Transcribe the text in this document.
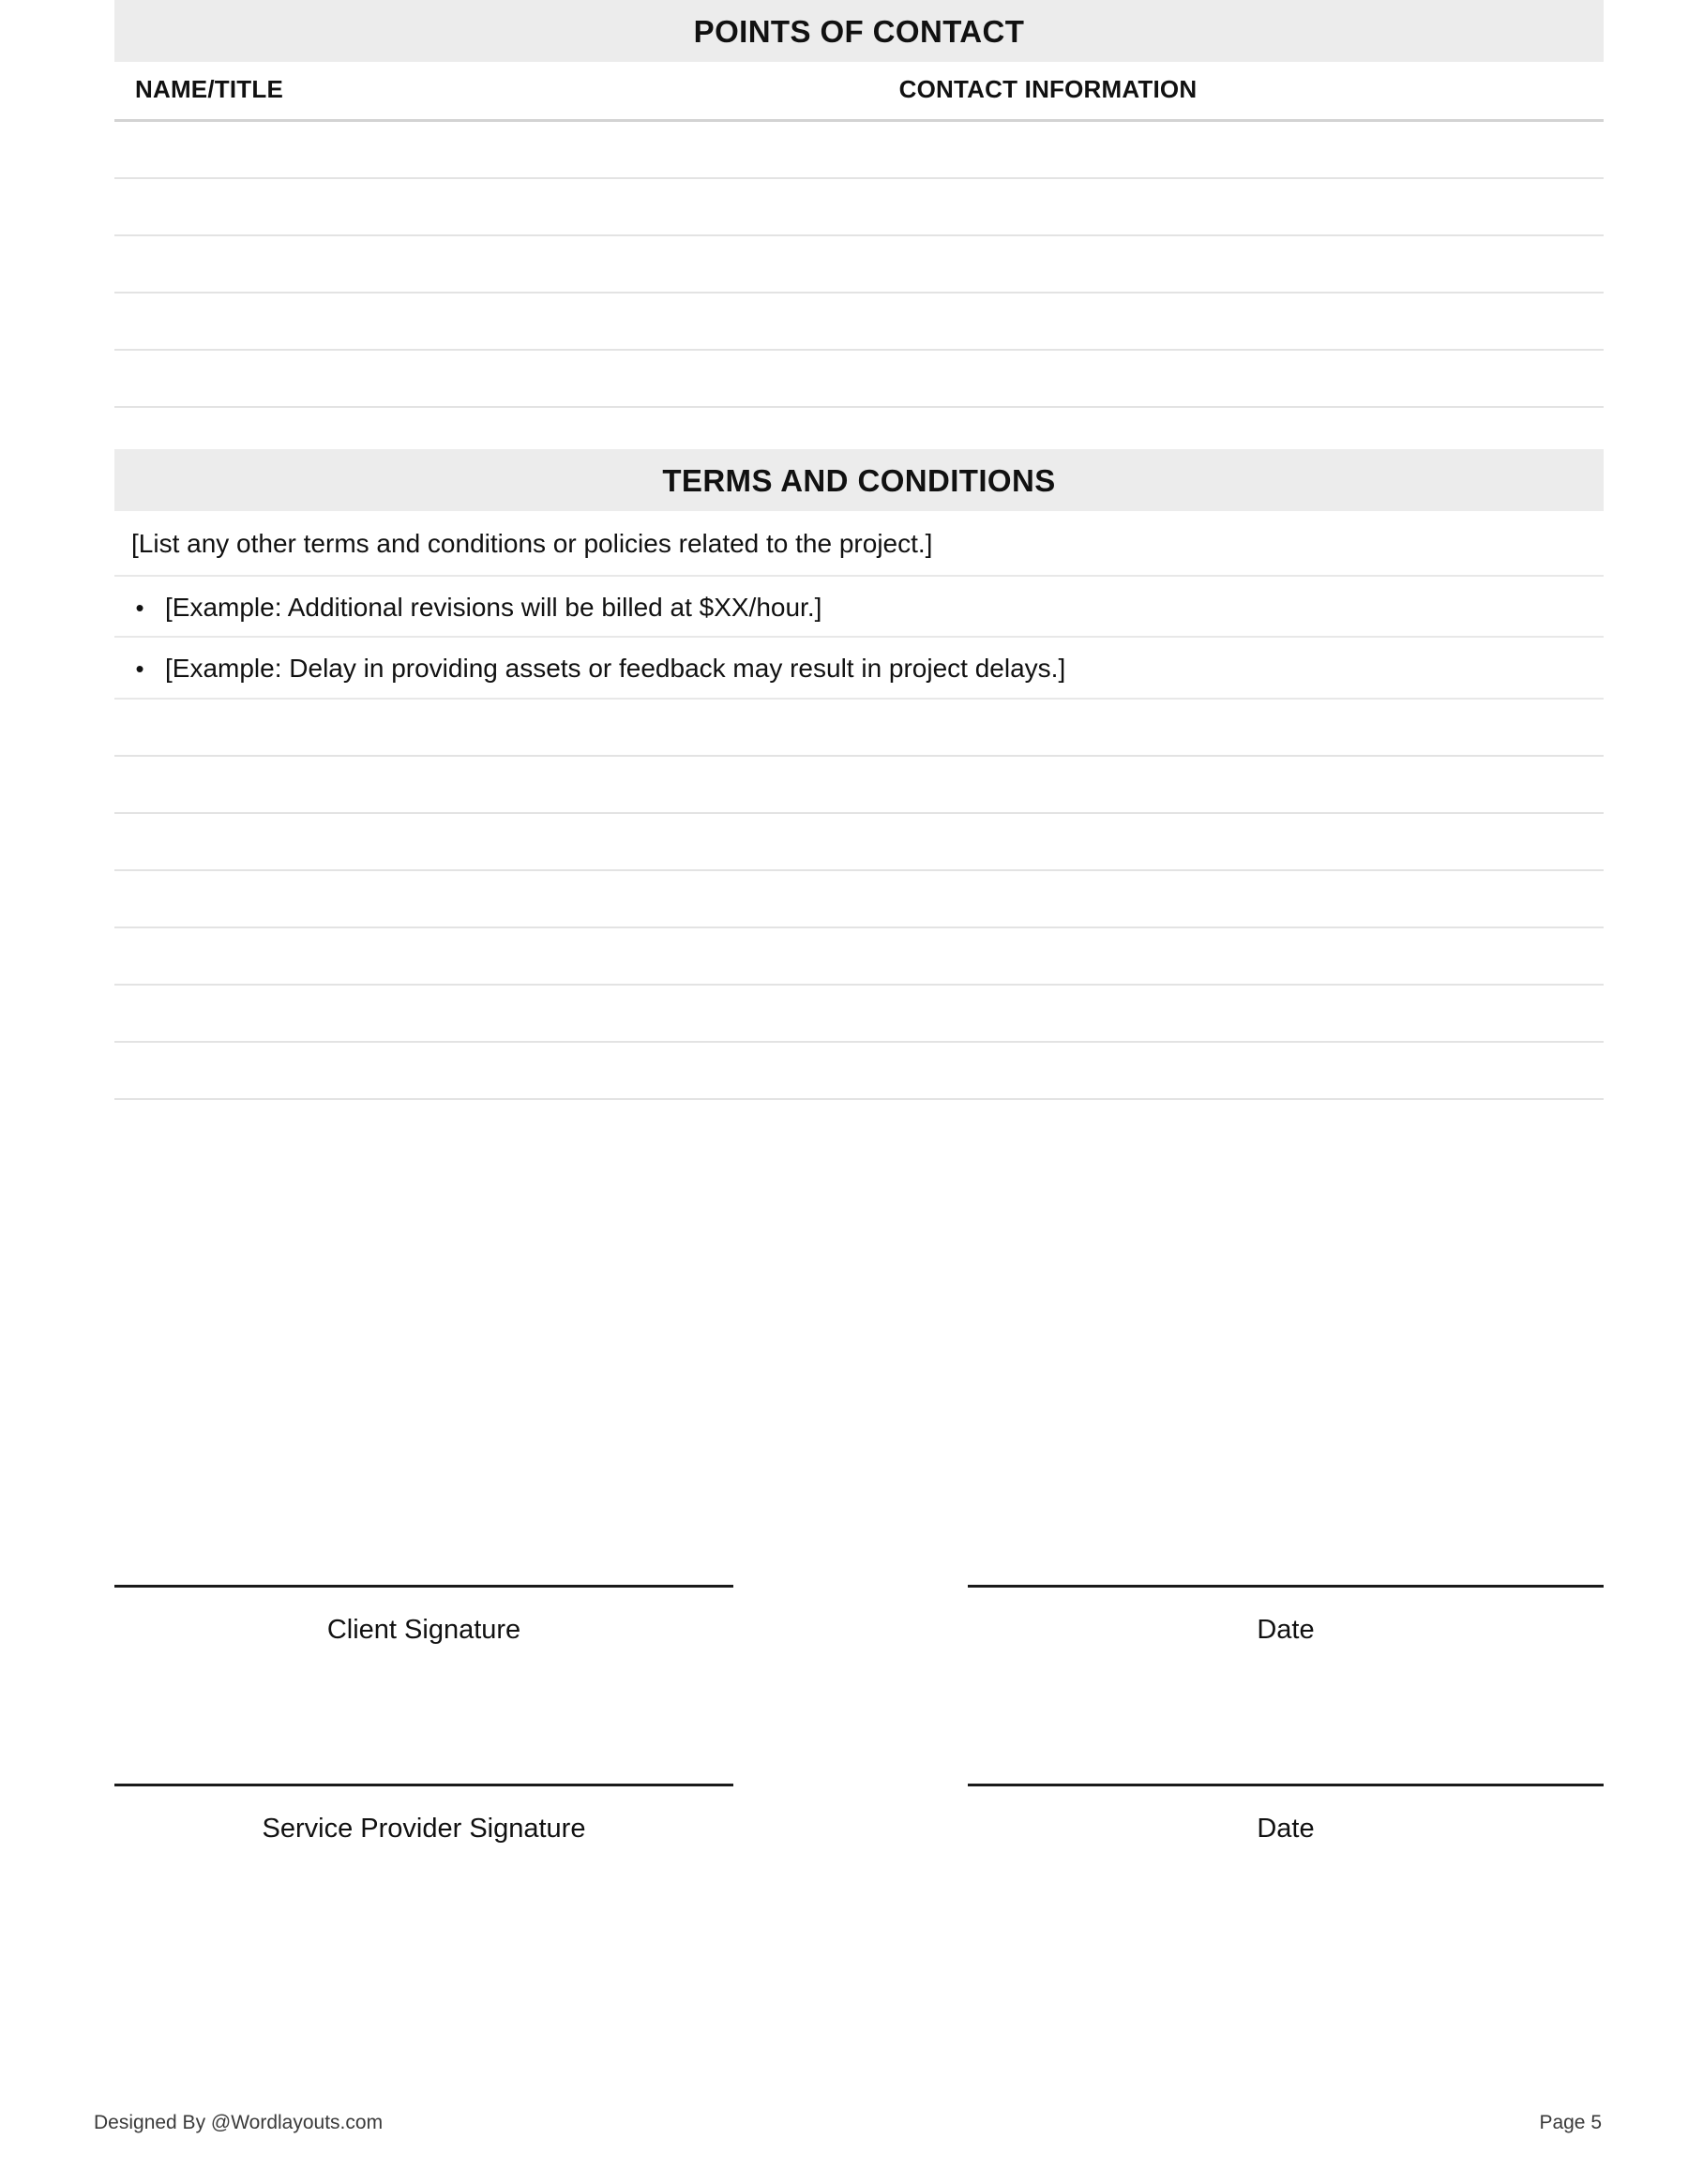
POINTS OF CONTACT
NAME/TITLE	CONTACT INFORMATION

TERMS AND CONDITIONS
[List any other terms and conditions or policies related to the project.]
• [Example: Additional revisions will be billed at $XX/hour.]
• [Example: Delay in providing assets or feedback may result in project delays.]
Client Signature	Date
Service Provider Signature	Date
Designed By @Wordlayouts.com	Page 5
